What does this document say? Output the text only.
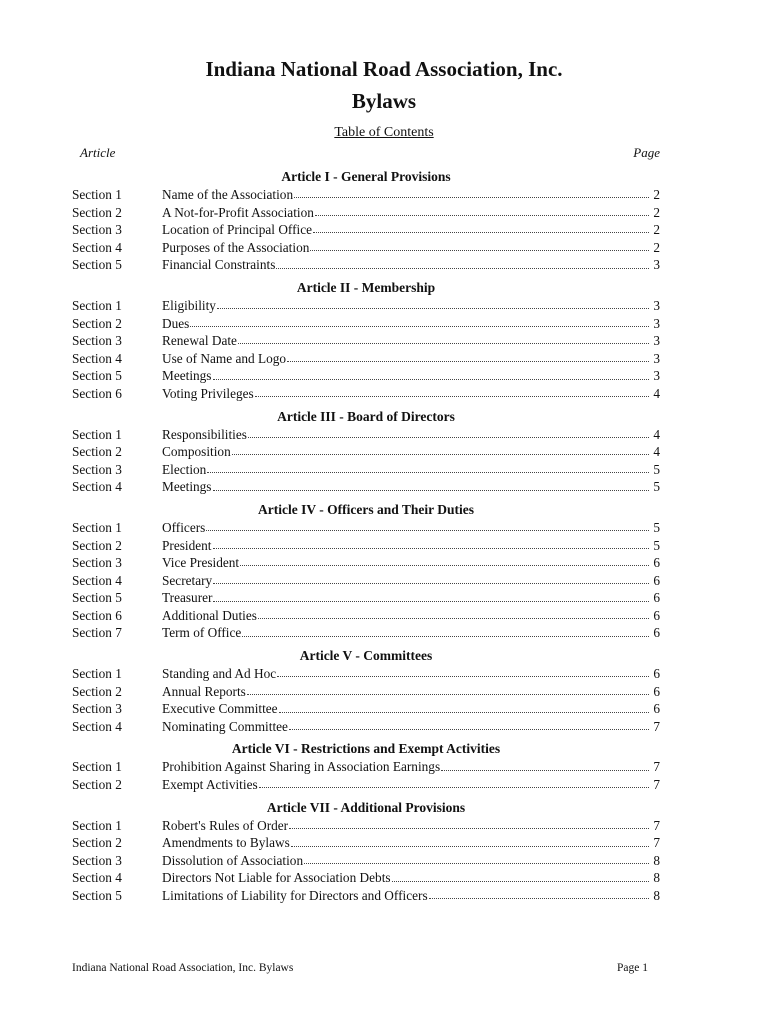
Indiana National Road Association, Inc.
Bylaws
Table of Contents
Article	Page
Article I - General Provisions
Section 1	Name of the Association	2
Section 2	A Not-for-Profit Association	2
Section 3	Location of Principal Office	2
Section 4	Purposes of the Association	2
Section 5	Financial Constraints	3
Article II - Membership
Section 1	Eligibility	3
Section 2	Dues	3
Section 3	Renewal Date	3
Section 4	Use of Name and Logo	3
Section 5	Meetings	3
Section 6	Voting Privileges	4
Article III - Board of Directors
Section 1	Responsibilities	4
Section 2	Composition	4
Section 3	Election	5
Section 4	Meetings	5
Article IV - Officers and Their Duties
Section 1	Officers	5
Section 2	President	5
Section 3	Vice President	6
Section 4	Secretary	6
Section 5	Treasurer	6
Section 6	Additional Duties	6
Section 7	Term of Office	6
Article V - Committees
Section 1	Standing and Ad Hoc	6
Section 2	Annual Reports	6
Section 3	Executive Committee	6
Section 4	Nominating Committee	7
Article VI - Restrictions and Exempt Activities
Section 1	Prohibition Against Sharing in Association Earnings	7
Section 2	Exempt Activities	7
Article VII - Additional Provisions
Section 1	Robert's Rules of Order	7
Section 2	Amendments to Bylaws	7
Section 3	Dissolution of Association	8
Section 4	Directors Not Liable for Association Debts	8
Section 5	Limitations of Liability for Directors and Officers	8
Indiana National Road Association, Inc. Bylaws	Page 1
